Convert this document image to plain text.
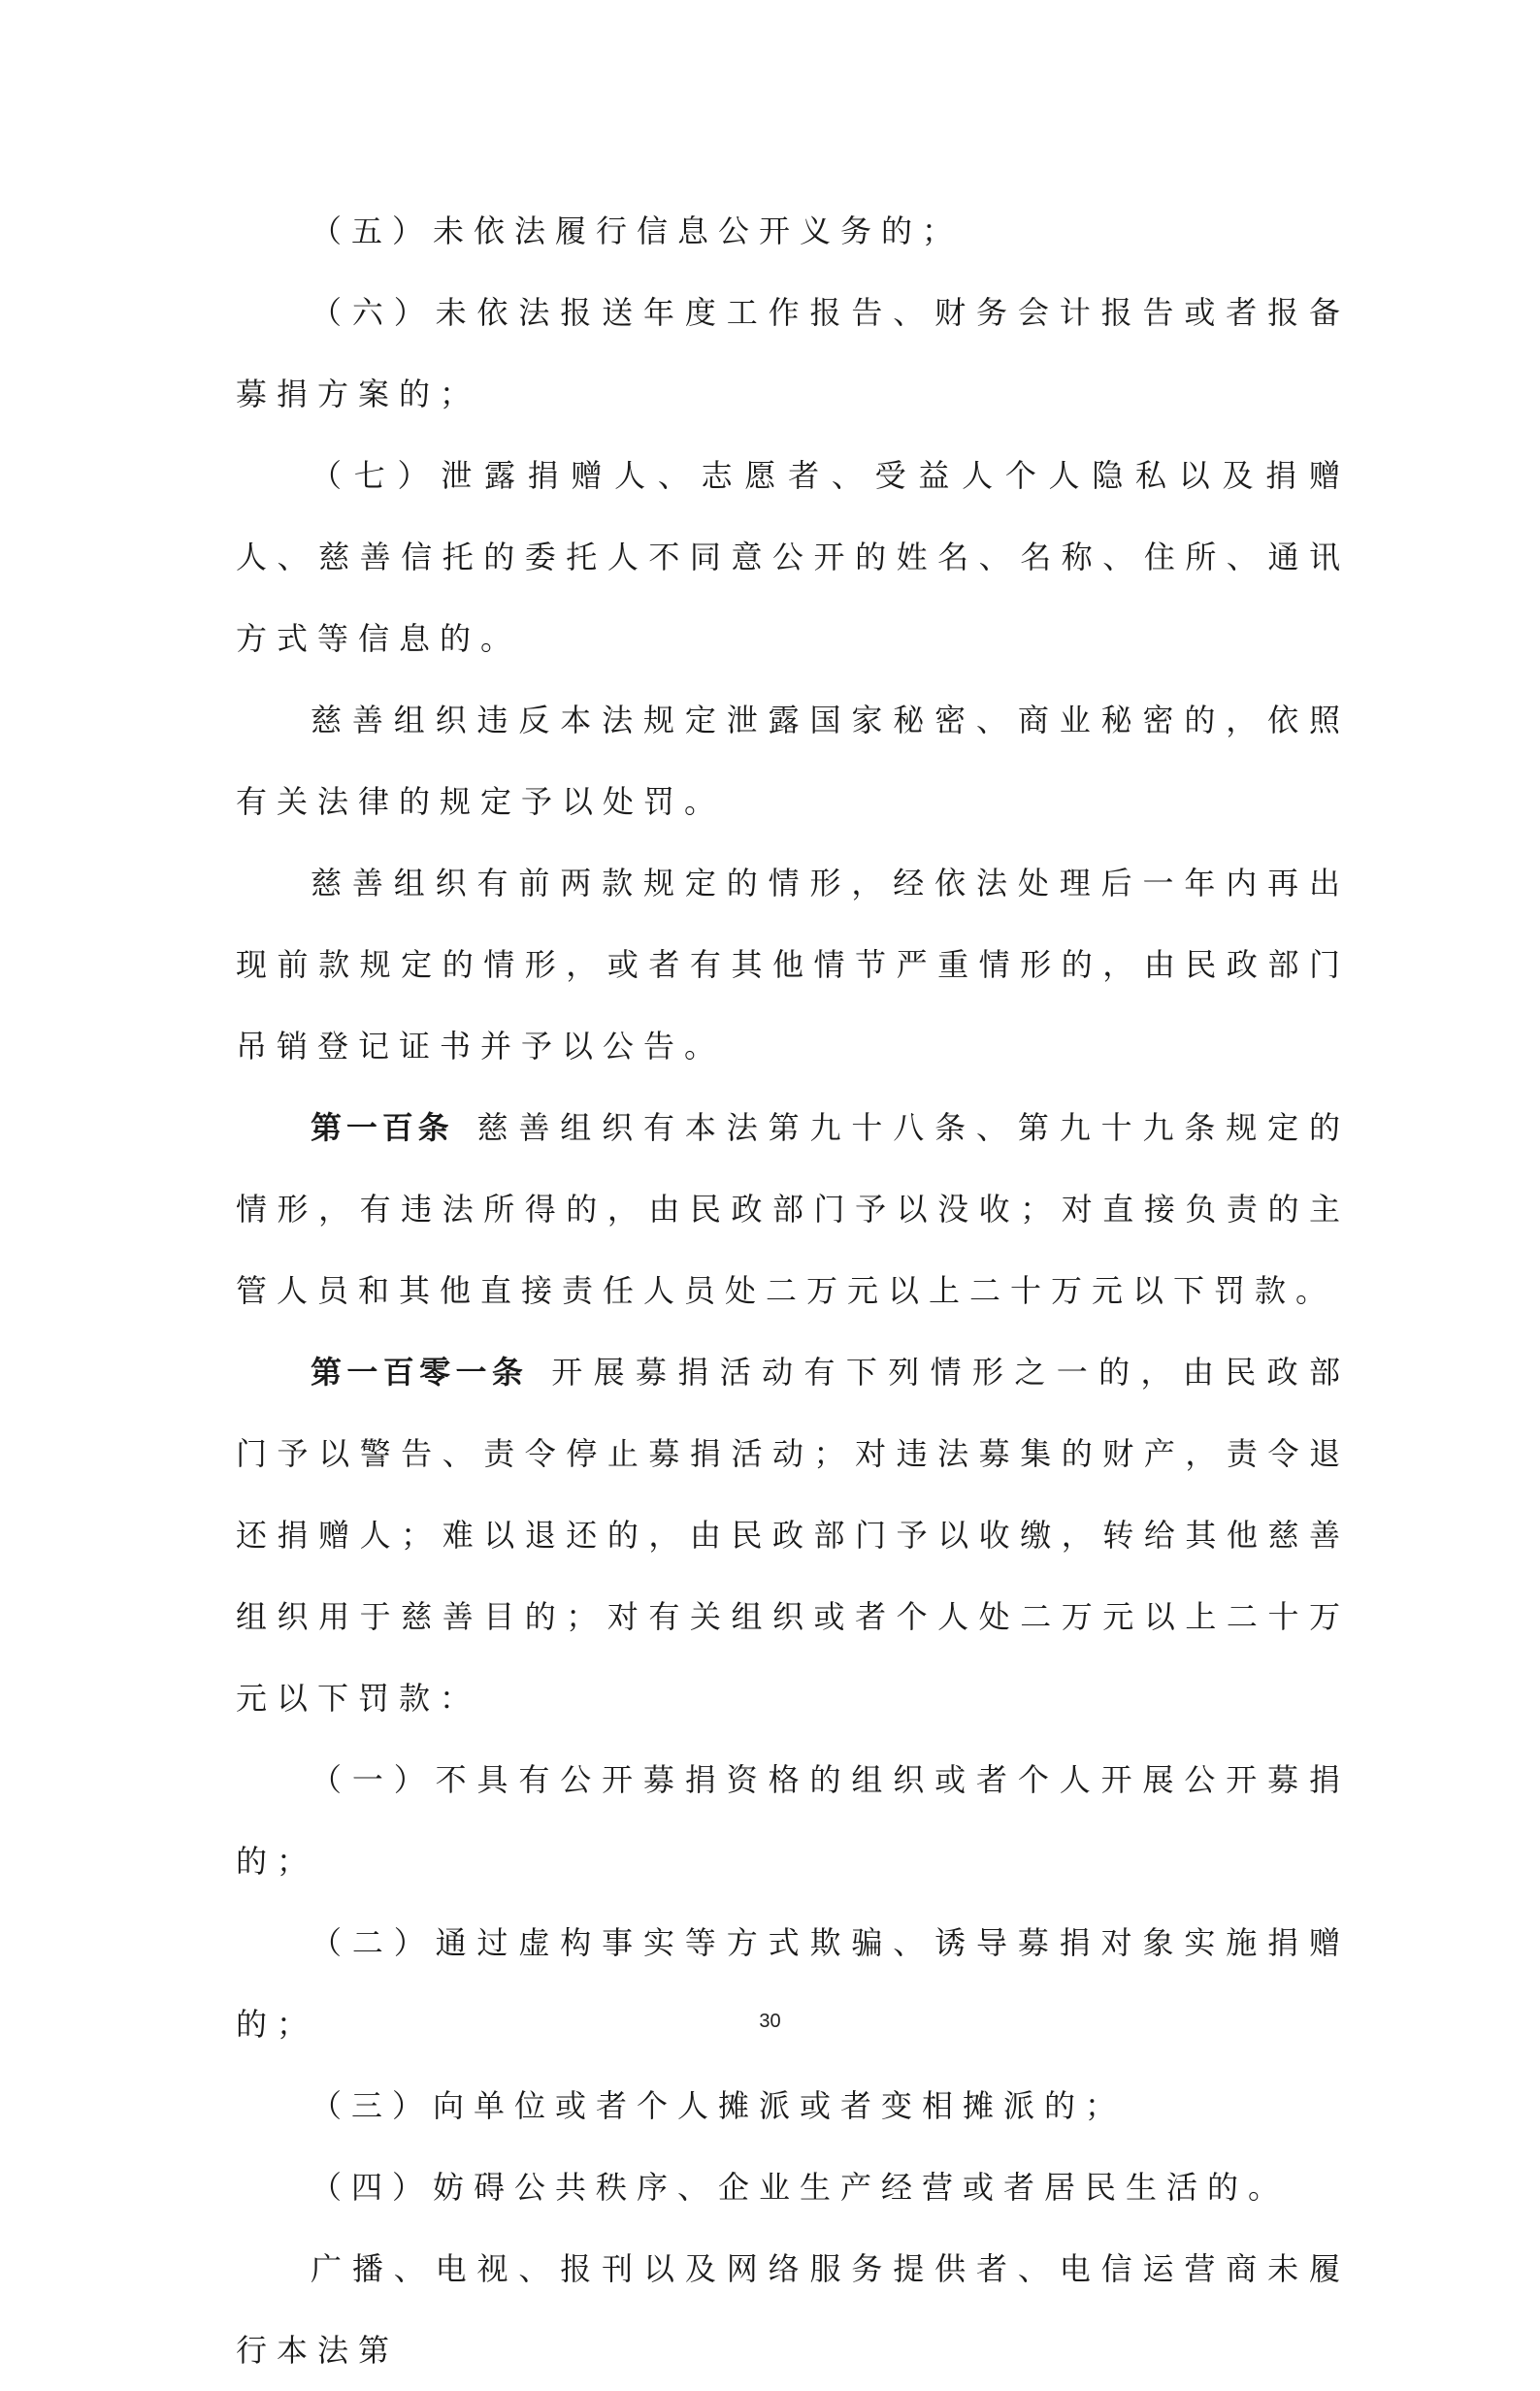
（五）未依法履行信息公开义务的；

（六）未依法报送年度工作报告、财务会计报告或者报备募捐方案的；

（七）泄露捐赠人、志愿者、受益人个人隐私以及捐赠人、慈善信托的委托人不同意公开的姓名、名称、住所、通讯方式等信息的。

慈善组织违反本法规定泄露国家秘密、商业秘密的，依照有关法律的规定予以处罚。

慈善组织有前两款规定的情形，经依法处理后一年内再出现前款规定的情形，或者有其他情节严重情形的，由民政部门吊销登记证书并予以公告。

第一百条 慈善组织有本法第九十八条、第九十九条规定的情形，有违法所得的，由民政部门予以没收；对直接负责的主管人员和其他直接责任人员处二万元以上二十万元以下罚款。

第一百零一条 开展募捐活动有下列情形之一的，由民政部门予以警告、责令停止募捐活动；对违法募集的财产，责令退还捐赠人；难以退还的，由民政部门予以收缴，转给其他慈善组织用于慈善目的；对有关组织或者个人处二万元以上二十万元以下罚款：

（一）不具有公开募捐资格的组织或者个人开展公开募捐的；

（二）通过虚构事实等方式欺骗、诱导募捐对象实施捐赠的；

（三）向单位或者个人摊派或者变相摊派的；

（四）妨碍公共秩序、企业生产经营或者居民生活的。

广播、电视、报刊以及网络服务提供者、电信运营商未履行本法第

30
